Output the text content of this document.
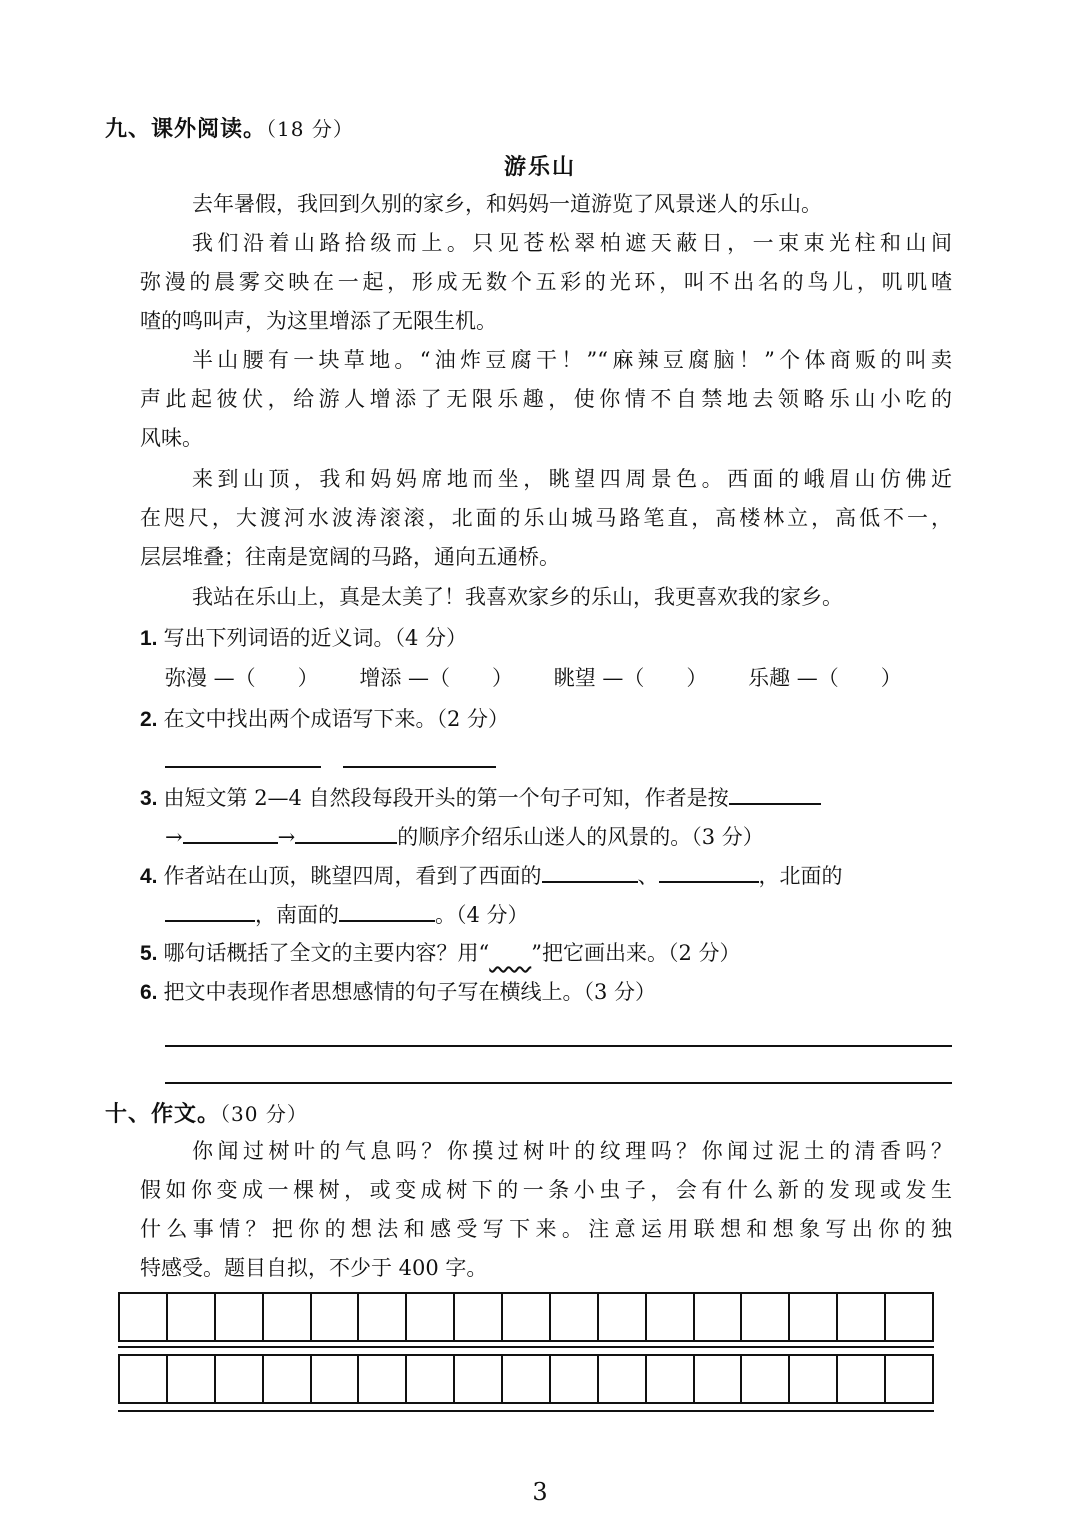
九、课外阅读。（18 分）
游乐山
去年暑假，我回到久别的家乡，和妈妈一道游览了风景迷人的乐山。
我们沿着山路拾级而上。只见苍松翠柏遮天蔽日，一束束光柱和山间
弥漫的晨雾交映在一起，形成无数个五彩的光环，叫不出名的鸟儿，叽叽喳
喳的鸣叫声，为这里增添了无限生机。
半山腰有一块草地。“油炸豆腐干！”“麻辣豆腐脑！”个体商贩的叫卖
声此起彼伏，给游人增添了无限乐趣，使你情不自禁地去领略乐山小吃的
风味。
来到山顶，我和妈妈席地而坐，眺望四周景色。西面的峨眉山仿佛近
在咫尺，大渡河水波涛滚滚，北面的乐山城马路笔直，高楼林立，高低不一，
层层堆叠；往南是宽阔的马路，通向五通桥。
我站在乐山上，真是太美了！我喜欢家乡的乐山，我更喜欢我的家乡。
1. 写出下列词语的近义词。（4 分）
弥漫 —（　　） 增添 —（　　） 眺望 —（　　） 乐趣 —（　　）
2. 在文中找出两个成语写下来。（2 分）
3. 由短文第 2—4 自然段每段开头的第一个句子可知，作者是按
→	→	的顺序介绍乐山迷人的风景的。（3 分）
4. 作者站在山顶，眺望四周，看到了西面的	、	，北面的
，南面的	。（4 分）
5. 哪句话概括了全文的主要内容？用“　　 ”把它画出来。（2 分）
6. 把文中表现作者思想感情的句子写在横线上。（3 分）
十、作文。（30 分）
你闻过树叶的气息吗？你摸过树叶的纹理吗？你闻过泥土的清香吗？
假如你变成一棵树，或变成树下的一条小虫子，会有什么新的发现或发生
什么事情？把你的想法和感受写下来。注意运用联想和想象写出你的独
特感受。题目自拟，不少于 400 字。
3
